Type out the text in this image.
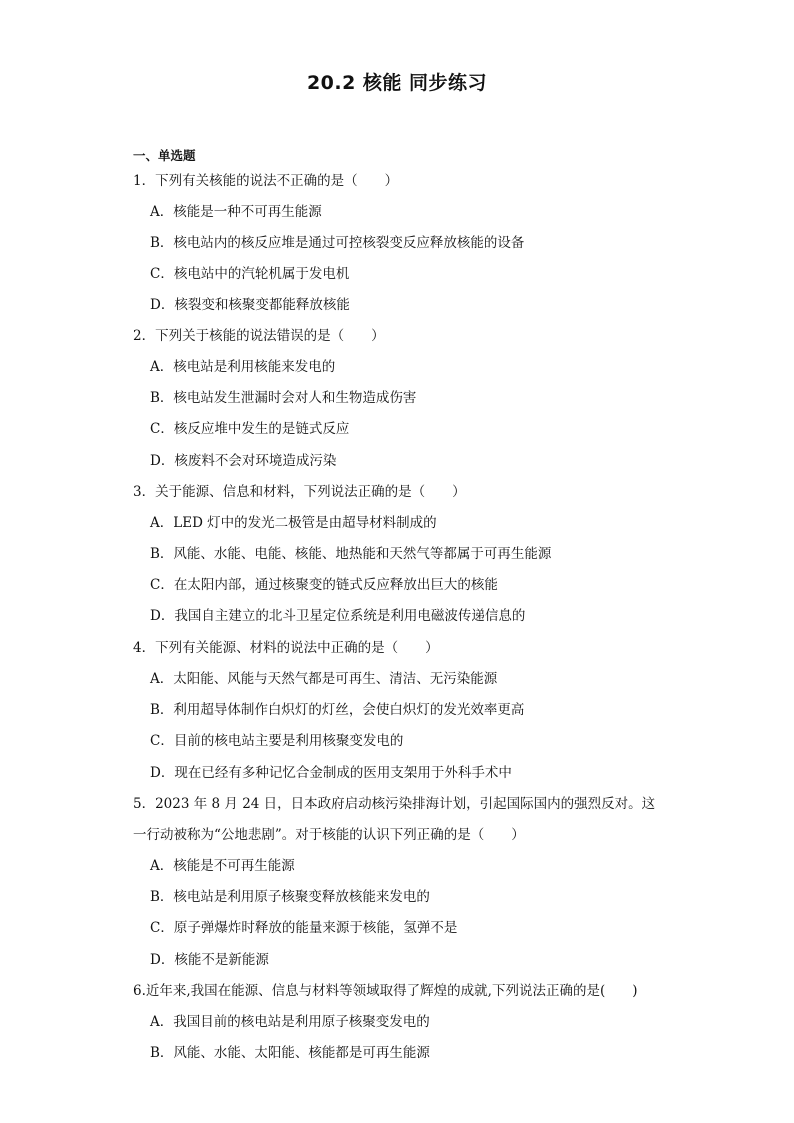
20.2 核能 同步练习
一、单选题
1．下列有关核能的说法不正确的是（　　）
A．核能是一种不可再生能源
B．核电站内的核反应堆是通过可控核裂变反应释放核能的设备
C．核电站中的汽轮机属于发电机
D．核裂变和核聚变都能释放核能
2．下列关于核能的说法错误的是（　　）
A．核电站是利用核能来发电的
B．核电站发生泄漏时会对人和生物造成伤害
C．核反应堆中发生的是链式反应
D．核废料不会对环境造成污染
3．关于能源、信息和材料，下列说法正确的是（　　）
A．LED 灯中的发光二极管是由超导材料制成的
B．风能、水能、电能、核能、地热能和天然气等都属于可再生能源
C．在太阳内部，通过核聚变的链式反应释放出巨大的核能
D．我国自主建立的北斗卫星定位系统是利用电磁波传递信息的
4．下列有关能源、材料的说法中正确的是（　　）
A．太阳能、风能与天然气都是可再生、清洁、无污染能源
B．利用超导体制作白炽灯的灯丝，会使白炽灯的发光效率更高
C．目前的核电站主要是利用核聚变发电的
D．现在已经有多种记忆合金制成的医用支架用于外科手术中
5．2023 年 8 月 24 日，日本政府启动核污染排海计划，引起国际国内的强烈反对。这
一行动被称为“公地悲剧”。对于核能的认识下列正确的是（　　）
A．核能是不可再生能源
B．核电站是利用原子核聚变释放核能来发电的
C．原子弹爆炸时释放的能量来源于核能，氢弹不是
D．核能不是新能源
6.近年来,我国在能源、信息与材料等领域取得了辉煌的成就,下列说法正确的是(　　)
A．我国目前的核电站是利用原子核聚变发电的
B．风能、水能、太阳能、核能都是可再生能源
